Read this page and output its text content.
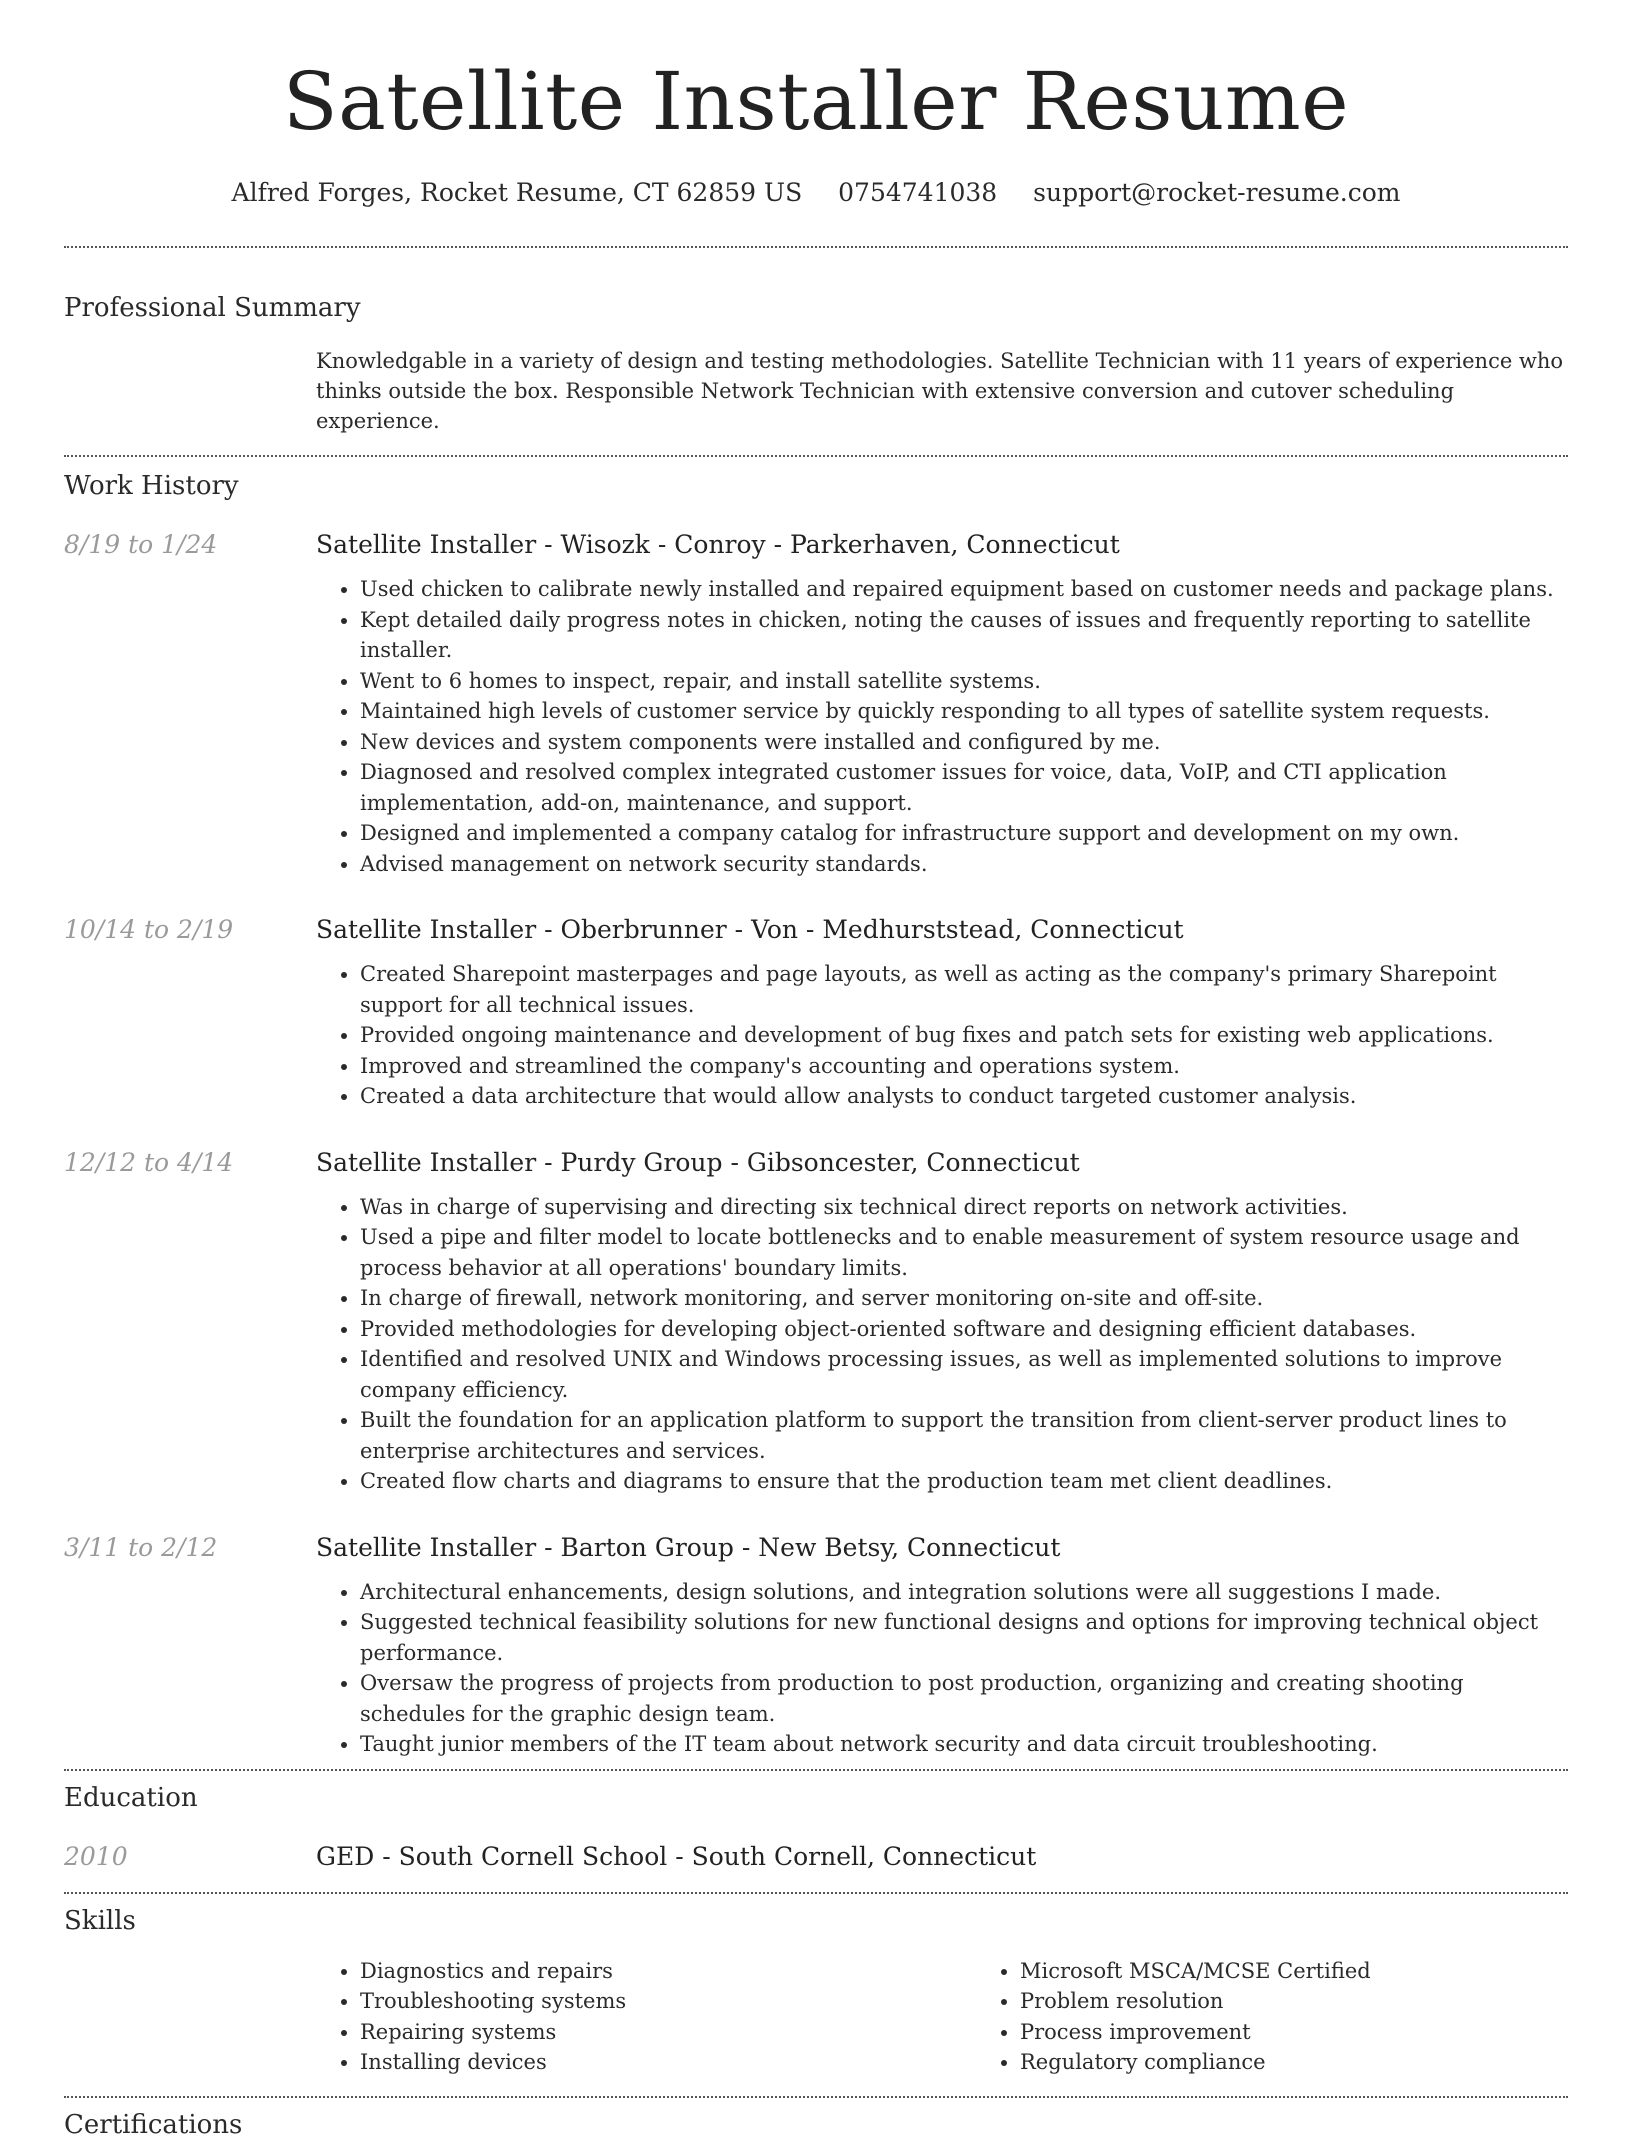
Satellite Installer Resume
Alfred Forges, Rocket Resume, CT 62859 US 0754741038 support@rocket-resume.com
Professional Summary

Knowledgable in a variety of design and testing methodologies. Satellite Technician with 11 years of experience who thinks outside the box. Responsible Network Technician with extensive conversion and cutover scheduling experience.

Work History
8/19 to 1/24	Satellite Installer - Wisozk - Conroy - Parkerhaven, Connecticut
• Used chicken to calibrate newly installed and repaired equipment based on customer needs and package plans.
• Kept detailed daily progress notes in chicken, noting the causes of issues and frequently reporting to satellite installer.
• Went to 6 homes to inspect, repair, and install satellite systems.
• Maintained high levels of customer service by quickly responding to all types of satellite system requests.
• New devices and system components were installed and configured by me.
• Diagnosed and resolved complex integrated customer issues for voice, data, VoIP, and CTI application implementation, add-on, maintenance, and support.
• Designed and implemented a company catalog for infrastructure support and development on my own.
• Advised management on network security standards.
10/14 to 2/19	Satellite Installer - Oberbrunner - Von - Medhurststead, Connecticut
• Created Sharepoint masterpages and page layouts, as well as acting as the company's primary Sharepoint support for all technical issues.
• Provided ongoing maintenance and development of bug fixes and patch sets for existing web applications.
• Improved and streamlined the company's accounting and operations system.
• Created a data architecture that would allow analysts to conduct targeted customer analysis.
12/12 to 4/14	Satellite Installer - Purdy Group - Gibsoncester, Connecticut
• Was in charge of supervising and directing six technical direct reports on network activities.
• Used a pipe and filter model to locate bottlenecks and to enable measurement of system resource usage and process behavior at all operations' boundary limits.
• In charge of firewall, network monitoring, and server monitoring on-site and off-site.
• Provided methodologies for developing object-oriented software and designing efficient databases.
• Identified and resolved UNIX and Windows processing issues, as well as implemented solutions to improve company efficiency.
• Built the foundation for an application platform to support the transition from client-server product lines to enterprise architectures and services.
• Created flow charts and diagrams to ensure that the production team met client deadlines.
3/11 to 2/12	Satellite Installer - Barton Group - New Betsy, Connecticut
• Architectural enhancements, design solutions, and integration solutions were all suggestions I made.
• Suggested technical feasibility solutions for new functional designs and options for improving technical object performance.
• Oversaw the progress of projects from production to post production, organizing and creating shooting schedules for the graphic design team.
• Taught junior members of the IT team about network security and data circuit troubleshooting.
Education
2010	GED - South Cornell School - South Cornell, Connecticut
Skills
• Diagnostics and repairs
• Troubleshooting systems
• Repairing systems
• Installing devices
• Microsoft MSCA/MCSE Certified
• Problem resolution
• Process improvement
• Regulatory compliance
Certifications
